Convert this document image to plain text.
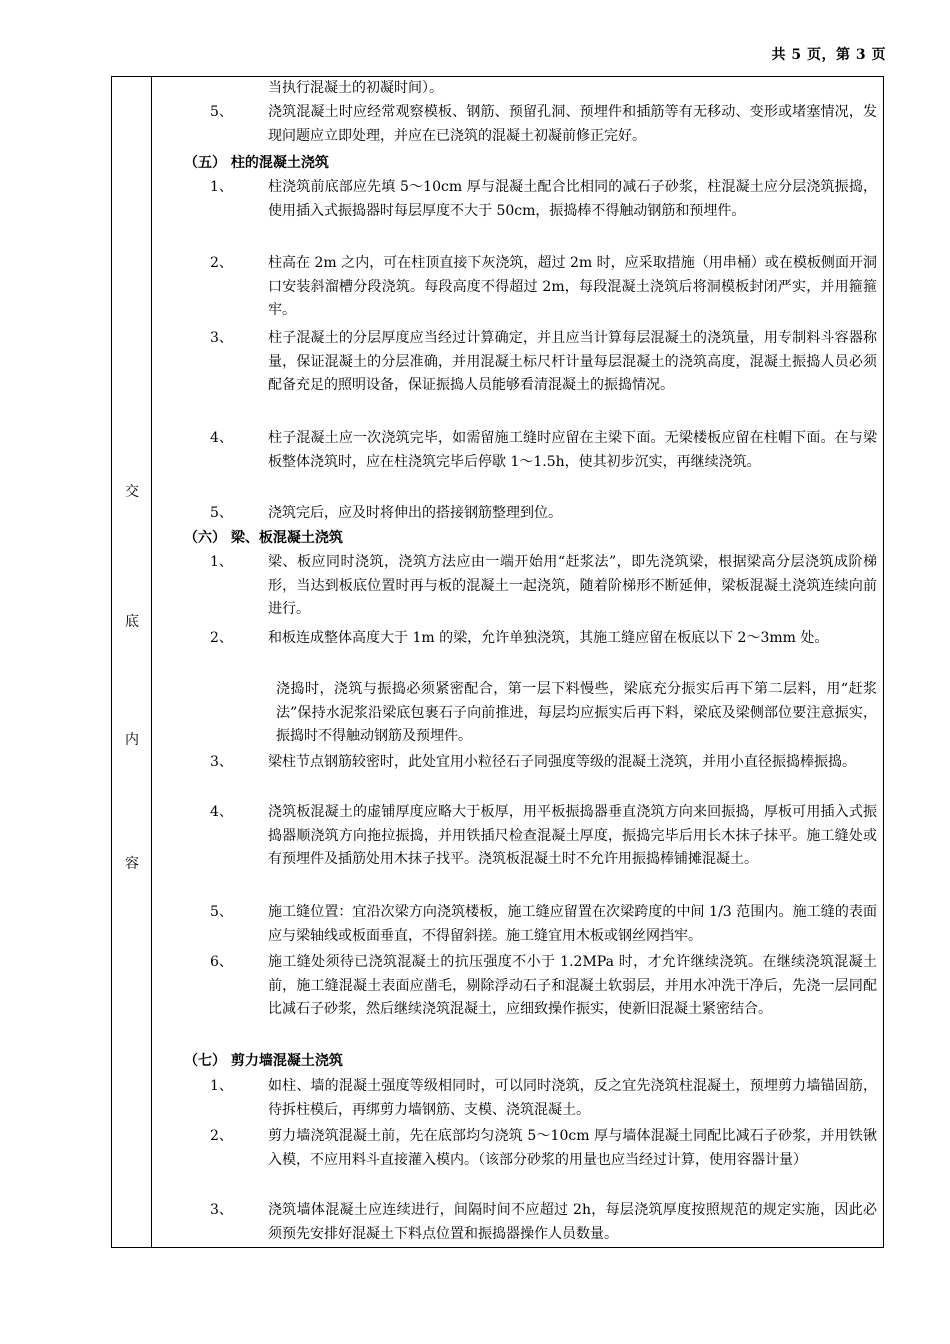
共 5 页，第 3 页
交
底
内
容
当执行混凝土的初凝时间）。
5、	浇筑混凝土时应经常观察模板、钢筋、预留孔洞、预埋件和插筋等有无移动、变形或堵塞情况，发现问题应立即处理，并应在已浇筑的混凝土初凝前修正完好。
（五） 柱的混凝土浇筑
1、	柱浇筑前底部应先填 5～10cm 厚与混凝土配合比相同的减石子砂浆，柱混凝土应分层浇筑振捣，使用插入式振捣器时每层厚度不大于 50cm，振捣棒不得触动钢筋和预埋件。
2、	柱高在 2m 之内，可在柱顶直接下灰浇筑，超过 2m 时，应采取措施（用串桶）或在模板侧面开洞口安装斜溜槽分段浇筑。每段高度不得超过 2m，每段混凝土浇筑后将洞模板封闭严实，并用箍箍牢。
3、	柱子混凝土的分层厚度应当经过计算确定，并且应当计算每层混凝土的浇筑量，用专制料斗容器称量，保证混凝土的分层准确，并用混凝土标尺杆计量每层混凝土的浇筑高度，混凝土振捣人员必须配备充足的照明设备，保证振捣人员能够看清混凝土的振捣情况。
4、	柱子混凝土应一次浇筑完毕，如需留施工缝时应留在主梁下面。无梁楼板应留在柱帽下面。在与梁板整体浇筑时，应在柱浇筑完毕后停歇 1～1.5h，使其初步沉实，再继续浇筑。
5、	浇筑完后，应及时将伸出的搭接钢筋整理到位。
（六） 梁、板混凝土浇筑
1、	梁、板应同时浇筑，浇筑方法应由一端开始用“赶浆法”，即先浇筑梁，根据梁高分层浇筑成阶梯形，当达到板底位置时再与板的混凝土一起浇筑，随着阶梯形不断延伸，梁板混凝土浇筑连续向前进行。
2、	和板连成整体高度大于 1m 的梁，允许单独浇筑，其施工缝应留在板底以下 2～3mm 处。
浇捣时，浇筑与振捣必须紧密配合，第一层下料慢些，梁底充分振实后再下第二层料，用“赶浆法”保持水泥浆沿梁底包裹石子向前推进，每层均应振实后再下料，梁底及梁侧部位要注意振实，振捣时不得触动钢筋及预埋件。
3、	梁柱节点钢筋较密时，此处宜用小粒径石子同强度等级的混凝土浇筑，并用小直径振捣棒振捣。
4、	浇筑板混凝土的虚铺厚度应略大于板厚，用平板振捣器垂直浇筑方向来回振捣，厚板可用插入式振捣器顺浇筑方向拖拉振捣，并用铁插尺检查混凝土厚度，振捣完毕后用长木抹子抹平。施工缝处或有预埋件及插筋处用木抹子找平。浇筑板混凝土时不允许用振捣棒铺摊混凝土。
5、	施工缝位置：宜沿次梁方向浇筑楼板，施工缝应留置在次梁跨度的中间 1/3 范围内。施工缝的表面应与梁轴线或板面垂直，不得留斜搓。施工缝宜用木板或钢丝网挡牢。
6、	施工缝处须待已浇筑混凝土的抗压强度不小于 1.2MPa 时，才允许继续浇筑。在继续浇筑混凝土前，施工缝混凝土表面应凿毛，剔除浮动石子和混凝土软弱层，并用水冲洗干净后，先浇一层同配比减石子砂浆，然后继续浇筑混凝土，应细致操作振实，使新旧混凝土紧密结合。
（七） 剪力墙混凝土浇筑
1、	如柱、墙的混凝土强度等级相同时，可以同时浇筑，反之宜先浇筑柱混凝土，预埋剪力墙锚固筋，待拆柱模后，再绑剪力墙钢筋、支模、浇筑混凝土。
2、	剪力墙浇筑混凝土前，先在底部均匀浇筑 5～10cm 厚与墙体混凝土同配比减石子砂浆，并用铁锹入模，不应用料斗直接灌入模内。（该部分砂浆的用量也应当经过计算，使用容器计量）
3、	浇筑墙体混凝土应连续进行，间隔时间不应超过 2h，每层浇筑厚度按照规范的规定实施，因此必须预先安排好混凝土下料点位置和振捣器操作人员数量。
